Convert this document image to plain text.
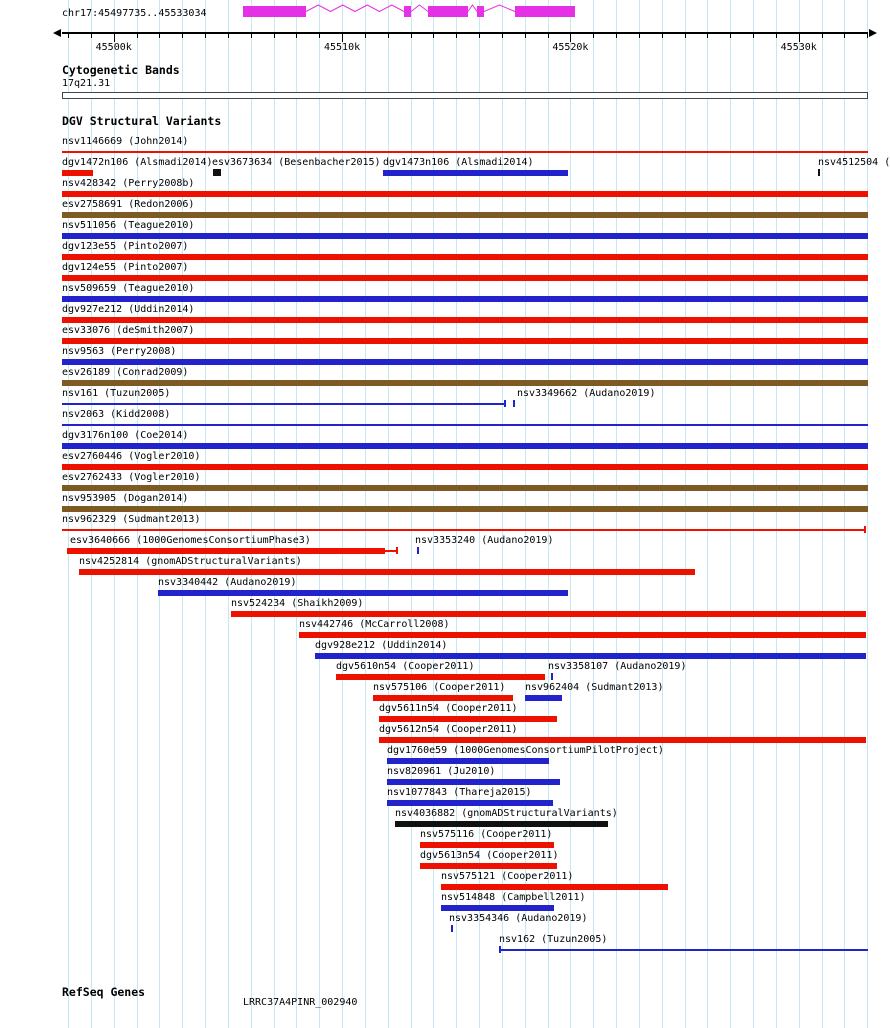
chr17:45497735..45533034
45500k	45510k	45520k	45530k
Cytogenetic Bands
17q21.31
DGV Structural Variants
nsv1146669 (John2014)
dgv1472n106 (Alsmadi2014) esv3673634 (Besenbacher2015) dgv1473n106 (Alsmadi2014)	nsv4512504 (
nsv428342 (Perry2008b)
esv2758691 (Redon2006)
nsv511056 (Teague2010)
dgv123e55 (Pinto2007)
dgv124e55 (Pinto2007)
nsv509659 (Teague2010)
dgv927e212 (Uddin2014)
esv33076 (deSmith2007)
nsv9563 (Perry2008)
esv26189 (Conrad2009)
nsv161 (Tuzun2005)	nsv3349662 (Audano2019)
nsv2063 (Kidd2008)
dgv3176n100 (Coe2014)
esv2760446 (Vogler2010)
esv2762433 (Vogler2010)
nsv953905 (Dogan2014)
nsv962329 (Sudmant2013)
esv3640666 (1000GenomesConsortiumPhase3)	nsv3353240 (Audano2019)
nsv4252814 (gnomADStructuralVariants)
nsv3340442 (Audano2019)
nsv524234 (Shaikh2009)
nsv442746 (McCarroll2008)
dgv928e212 (Uddin2014)
dgv5610n54 (Cooper2011)	nsv3358107 (Audano2019)
nsv575106 (Cooper2011) nsv962404 (Sudmant2013)
dgv5611n54 (Cooper2011)
dgv5612n54 (Cooper2011)
dgv1760e59 (1000GenomesConsortiumPilotProject)
nsv820961 (Ju2010)
nsv1077843 (Thareja2015)
nsv4036882 (gnomADStructuralVariants)
nsv575116 (Cooper2011)
dgv5613n54 (Cooper2011)
nsv575121 (Cooper2011)
nsv514848 (Campbell2011)
nsv3354346 (Audano2019)
nsv162 (Tuzun2005)
RefSeq Genes
LRRC37A4PINR_002940
